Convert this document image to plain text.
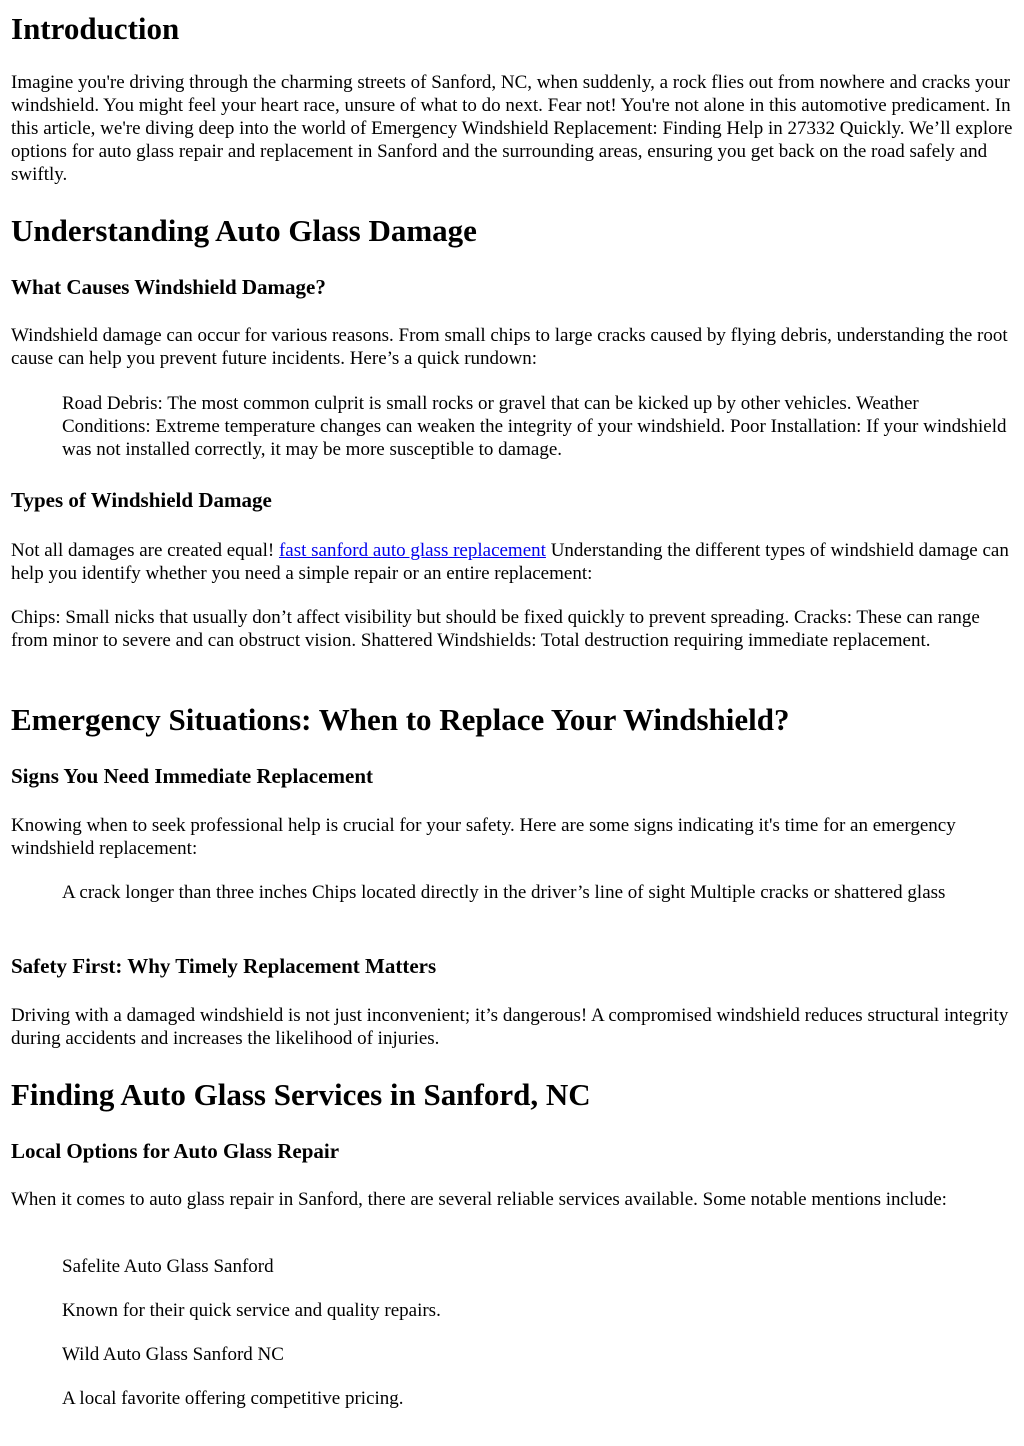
Introduction

Imagine you're driving through the charming streets of Sanford, NC, when suddenly, a rock flies out from nowhere and cracks your windshield. You might feel your heart race, unsure of what to do next. Fear not! You're not alone in this automotive predicament. In this article, we're diving deep into the world of Emergency Windshield Replacement: Finding Help in 27332 Quickly. We’ll explore options for auto glass repair and replacement in Sanford and the surrounding areas, ensuring you get back on the road safely and swiftly.

Understanding Auto Glass Damage
What Causes Windshield Damage?

Windshield damage can occur for various reasons. From small chips to large cracks caused by flying debris, understanding the root cause can help you prevent future incidents. Here’s a quick rundown:

Road Debris: The most common culprit is small rocks or gravel that can be kicked up by other vehicles. Weather Conditions: Extreme temperature changes can weaken the integrity of your windshield. Poor Installation: If your windshield was not installed correctly, it may be more susceptible to damage.

Types of Windshield Damage

Not all damages are created equal! fast sanford auto glass replacement Understanding the different types of windshield damage can help you identify whether you need a simple repair or an entire replacement:

Chips: Small nicks that usually don’t affect visibility but should be fixed quickly to prevent spreading. Cracks: These can range from minor to severe and can obstruct vision. Shattered Windshields: Total destruction requiring immediate replacement.

Emergency Situations: When to Replace Your Windshield?
Signs You Need Immediate Replacement

Knowing when to seek professional help is crucial for your safety. Here are some signs indicating it's time for an emergency windshield replacement:

A crack longer than three inches Chips located directly in the driver’s line of sight Multiple cracks or shattered glass

Safety First: Why Timely Replacement Matters

Driving with a damaged windshield is not just inconvenient; it’s dangerous! A compromised windshield reduces structural integrity during accidents and increases the likelihood of injuries.

Finding Auto Glass Services in Sanford, NC
Local Options for Auto Glass Repair

When it comes to auto glass repair in Sanford, there are several reliable services available. Some notable mentions include:

Safelite Auto Glass Sanford

Known for their quick service and quality repairs.

Wild Auto Glass Sanford NC

A local favorite offering competitive pricing.
